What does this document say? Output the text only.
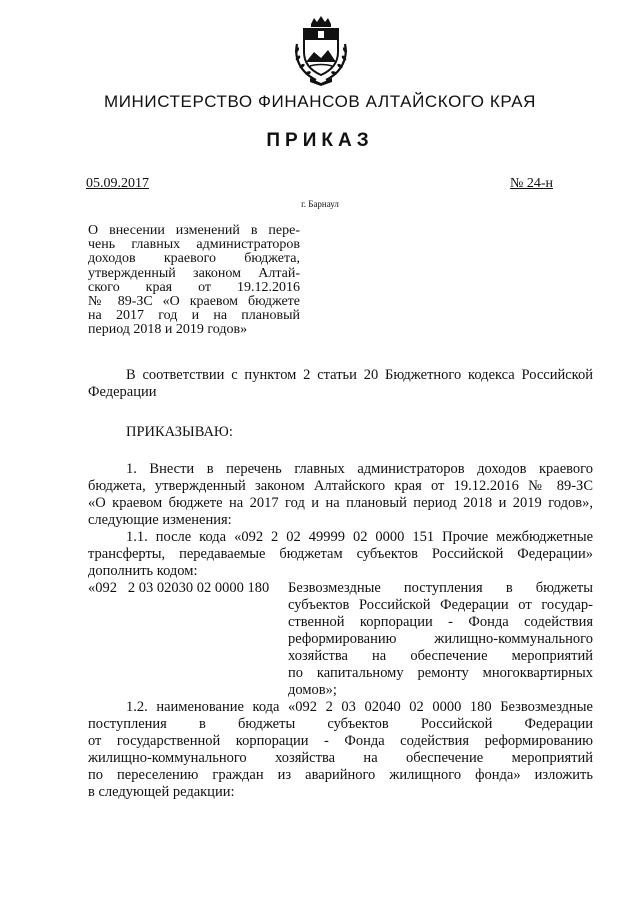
МИНИСТЕРСТВО ФИНАНСОВ АЛТАЙСКОГО КРАЯ
ПРИКАЗ
05.09.2017	№ 24-н
г. Барнаул
О внесении изменений в пере-
чень главных администраторов
доходов краевого бюджета,
утвержденный законом Алтай-
ского края от 19.12.2016
№ 89-ЗС «О краевом бюджете
на 2017 год и на плановый
период 2018 и 2019 годов»
В соответствии с пунктом 2 статьи 20 Бюджетного кодекса Российской
Федерации
ПРИКАЗЫВАЮ:
1. Внести в перечень главных администраторов доходов краевого
бюджета, утвержденный законом Алтайского края от 19.12.2016 № 89-ЗС
«О краевом бюджете на 2017 год и на плановый период 2018 и 2019 годов»,
следующие изменения:
1.1. после кода «092 2 02 49999 02 0000 151 Прочие межбюджетные
трансферты, передаваемые бюджетам субъектов Российской Федерации»
дополнить кодом:
«092   2 03 02030 02 0000 180 Безвозмездные поступления в бюджеты
субъектов Российской Федерации от государ-
ственной корпорации - Фонда содействия
реформированию жилищно-коммунального
хозяйства на обеспечение мероприятий
по капитальному ремонту многоквартирных
домов»;
1.2. наименование кода «092 2 03 02040 02 0000 180 Безвозмездные
поступления в бюджеты субъектов Российской Федерации
от государственной корпорации - Фонда содействия реформированию
жилищно-коммунального хозяйства на обеспечение мероприятий
по переселению граждан из аварийного жилищного фонда» изложить
в следующей редакции:
